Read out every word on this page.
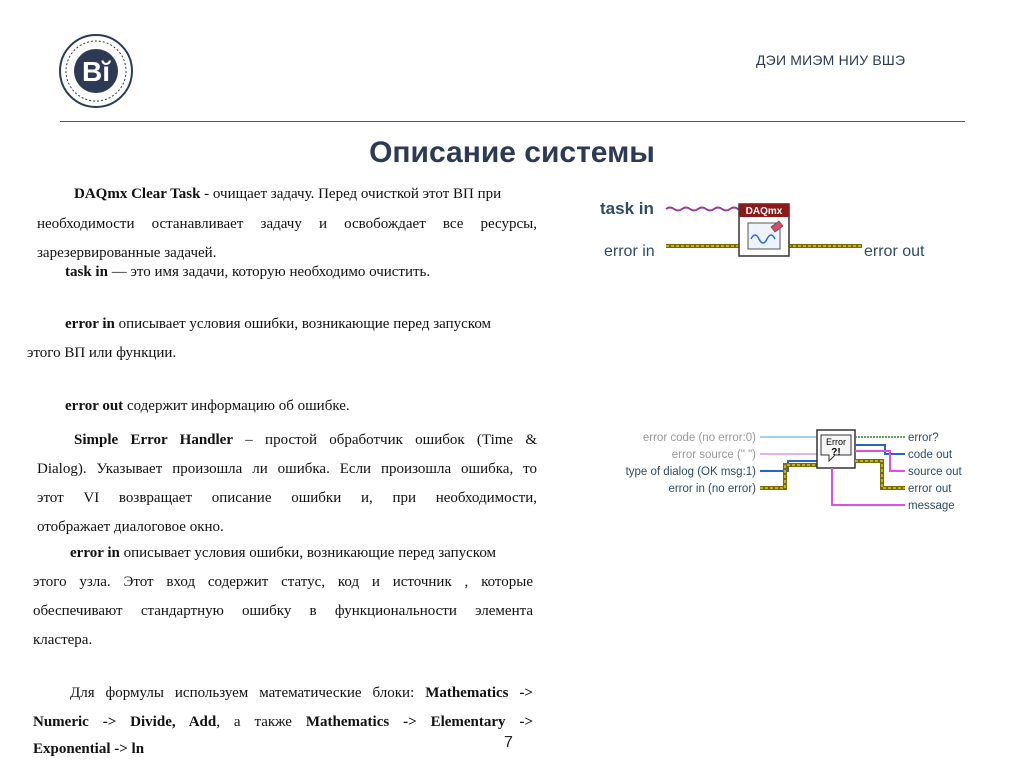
Вĭ	ДЭИ МИЭМ НИУ ВШЭ
Описание системы
DAQmx Clear Task - очищает задачу. Перед очисткой этот ВП при
необходимости останавливает задачу и освобождает все ресурсы,
зарезервированные задачей.
task in — это имя задачи, которую необходимо очистить.
error in описывает условия ошибки, возникающие перед запуском
этого ВП или функции.
error out содержит информацию об ошибке.
Simple Error Handler – простой обработчик ошибок (Time &
Dialog). Указывает произошла ли ошибка. Если произошла ошибка, то
этот VI возвращает описание ошибки и, при необходимости,
отображает диалоговое окно.
error in описывает условия ошибки, возникающие перед запуском
этого узла. Этот вход содержит статус, код и источник , которые
обеспечивают стандартную ошибку в функциональности элемента
кластера.
Для формулы используем математические блоки: Mathematics ->
Numeric -> Divide, Add, а также Mathematics -> Elementary ->
Exponential -> ln
task in
error in
DAQmx
error out
error code (no error:0)
error source (" ")
type of dialog (OK msg:1)
error in (no error)
Error
?!
error?
code out
source out
error out
message
7
